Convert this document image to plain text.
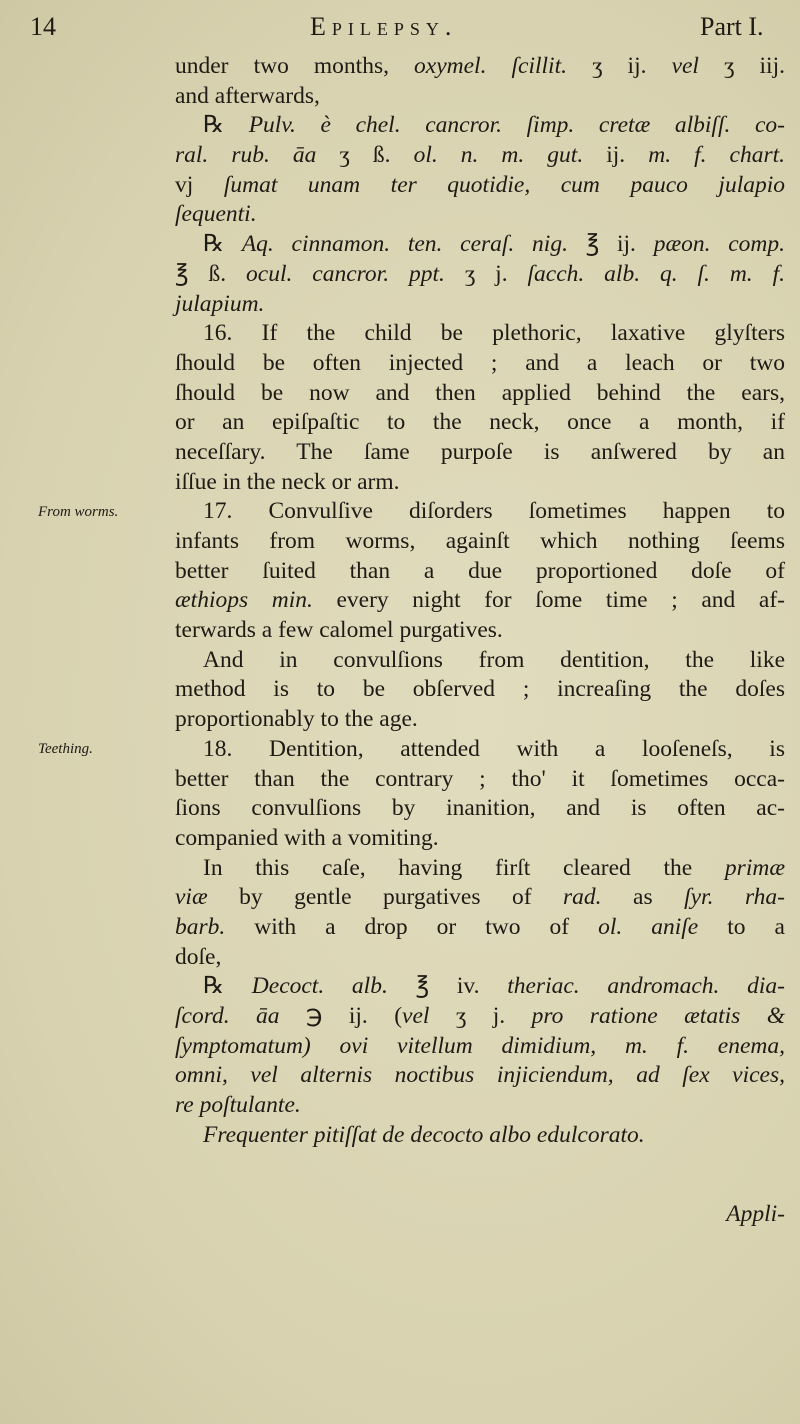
14	Epilepsy.	Part I.
From worms.
Teething.
under two months, oxymel. ſcillit. ʒ ij. vel ʒ iij.
and afterwards,
℞ Pulv. è chel. cancror. ſimp. cretæ albiſſ. co-
ral. rub. āa ʒ ß. ol. n. m. gut. ij. m. f. chart.
vj ſumat unam ter quotidie, cum pauco julapio
ſequenti.
℞ Aq. cinnamon. ten. ceraſ. nig. ℥ ij. pæon. comp.
℥ ß. ocul. cancror. ppt. ʒ j. ſacch. alb. q. ſ. m. f.
julapium.
16. If the child be plethoric, laxative glyſters
ſhould be often injected ; and a leach or two
ſhould be now and then applied behind the ears,
or an epiſpaſtic to the neck, once a month, if
neceſſary. The ſame purpoſe is anſwered by an
iſſue in the neck or arm.
17. Convulſive diſorders ſometimes happen to
infants from worms, againſt which nothing ſeems
better ſuited than a due proportioned doſe of
æthiops min. every night for ſome time ; and af-
terwards a few calomel purgatives.
And in convulſions from dentition, the like
method is to be obſerved ; increaſing the doſes
proportionably to the age.
18. Dentition, attended with a looſeneſs, is
better than the contrary ; tho' it ſometimes occa-
ſions convulſions by inanition, and is often ac-
companied with a vomiting.
In this caſe, having firſt cleared the primæ
viæ by gentle purgatives of rad. as ſyr. rha-
barb. with a drop or two of ol. aniſe to a
doſe,
℞ Decoct. alb. ℥ iv. theriac. andromach. dia-
ſcord. āa ℈ ij. (vel ʒ j. pro ratione ætatis &
ſymptomatum) ovi vitellum dimidium, m. f. enema,
omni, vel alternis noctibus injiciendum, ad ſex vices,
re poſtulante.
Frequenter pitiſſat de decocto albo edulcorato.
Appli-
